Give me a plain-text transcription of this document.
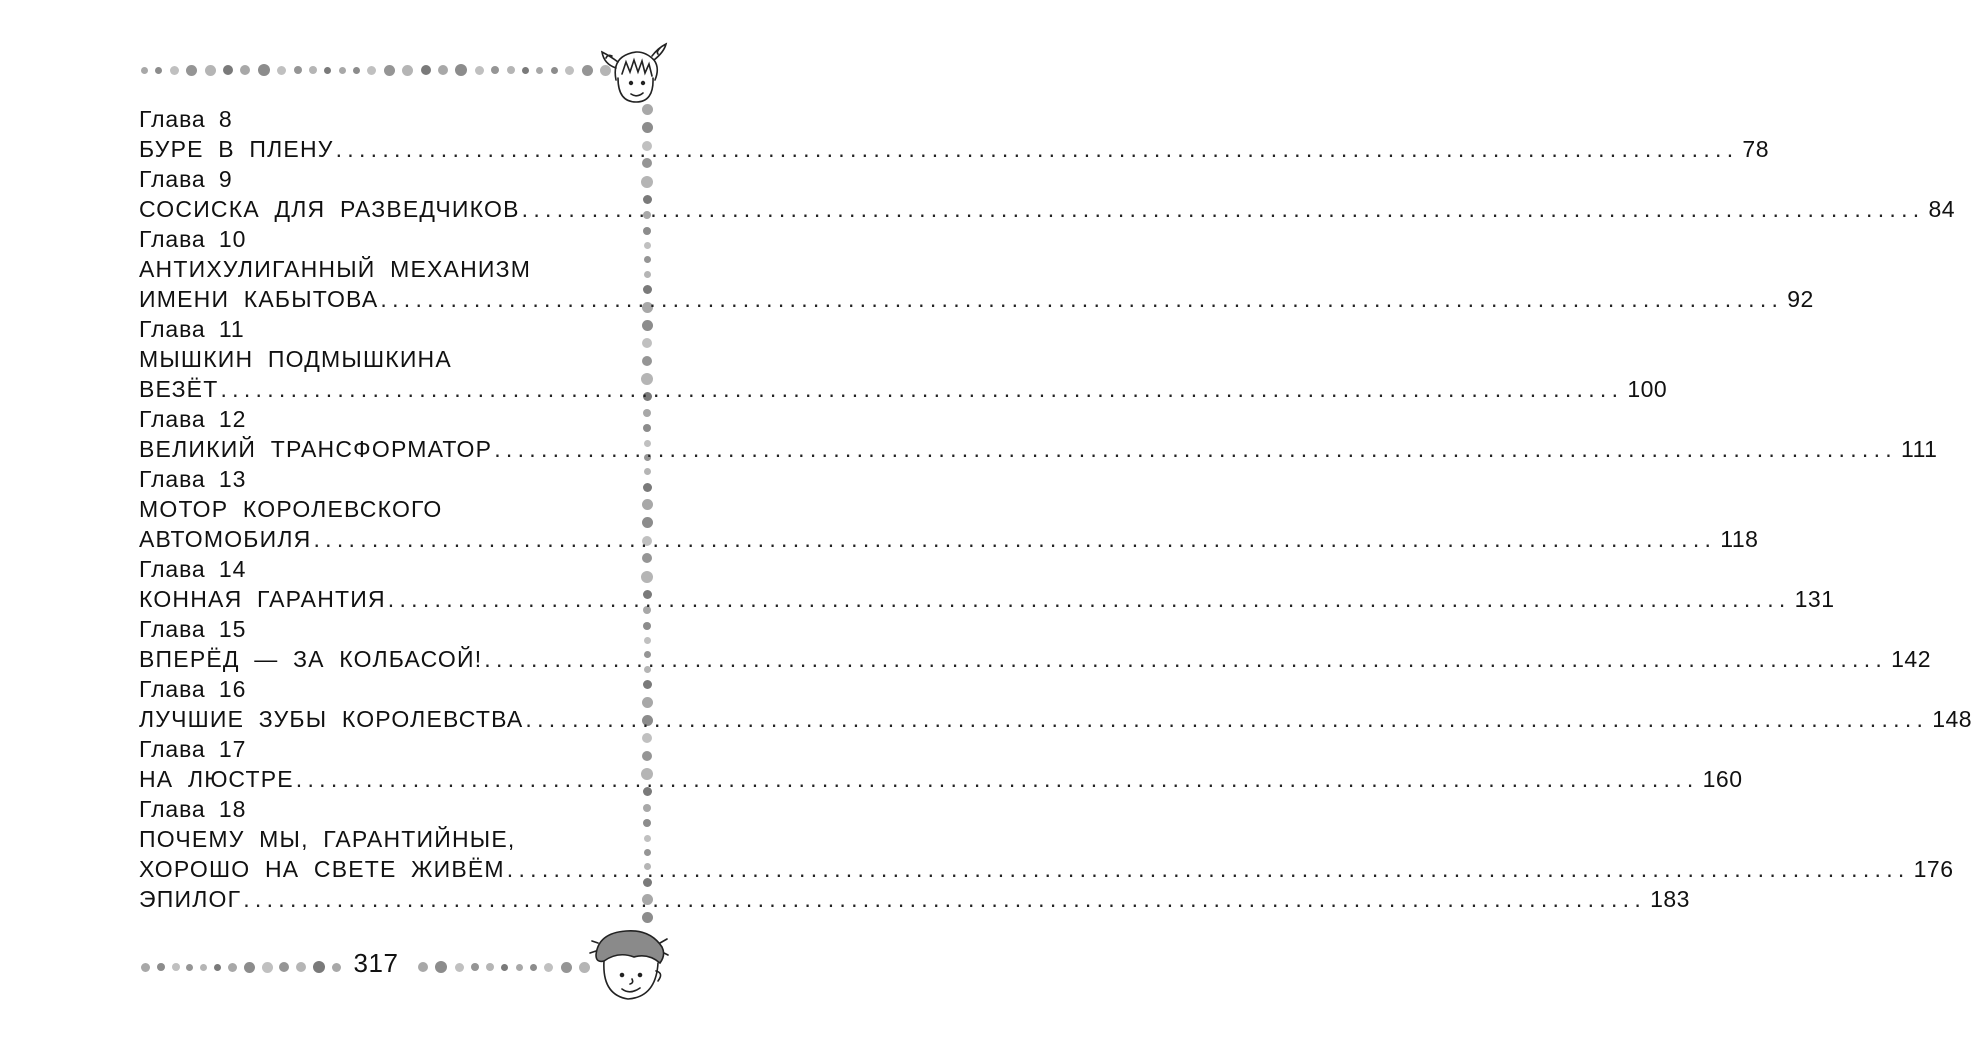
Глава 8
БУРЕ В ПЛЕНУ ........................................................................................................................ 78
Глава 9
СОСИСКА ДЛЯ РАЗВЕДЧИКОВ ........................................................................................................................ 84
Глава 10
АНТИХУЛИГАННЫЙ МЕХАНИЗМ
ИМЕНИ КАБЫТОВА ........................................................................................................................ 92
Глава 11
МЫШКИН ПОДМЫШКИНА
ВЕЗЁТ ........................................................................................................................ 100
Глава 12
ВЕЛИКИЙ ТРАНСФОРМАТОР ........................................................................................................................ 111
Глава 13
МОТОР КОРОЛЕВСКОГО
АВТОМОБИЛЯ ........................................................................................................................ 118
Глава 14
КОННАЯ ГАРАНТИЯ ........................................................................................................................ 131
Глава 15
ВПЕРЁД — ЗА КОЛБАСОЙ! ........................................................................................................................ 142
Глава 16
ЛУЧШИЕ ЗУБЫ КОРОЛЕВСТВА ........................................................................................................................ 148
Глава 17
НА ЛЮСТРЕ ........................................................................................................................ 160
Глава 18
ПОЧЕМУ МЫ, ГАРАНТИЙНЫЕ,
ХОРОШО НА СВЕТЕ ЖИВЁМ ........................................................................................................................ 176
ЭПИЛОГ ........................................................................................................................ 183
317
